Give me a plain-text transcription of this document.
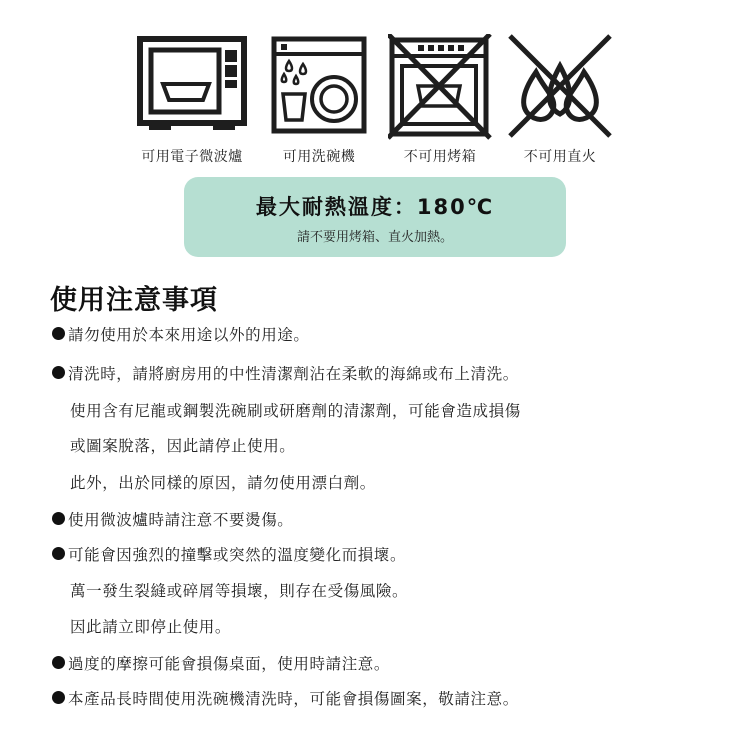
可用電子微波爐	可用洗碗機	不可用烤箱	不可用直火
最大耐熱溫度：180℃
請不要用烤箱、直火加熱。
使用注意事項
請勿使用於本來用途以外的用途。
清洗時，請將廚房用的中性清潔劑沾在柔軟的海綿或布上清洗。
使用含有尼龍或鋼製洗碗刷或研磨劑的清潔劑，可能會造成損傷
或圖案脫落，因此請停止使用。
此外，出於同樣的原因，請勿使用漂白劑。
使用微波爐時請注意不要燙傷。
可能會因強烈的撞擊或突然的溫度變化而損壞。
萬一發生裂縫或碎屑等損壞，則存在受傷風險。
因此請立即停止使用。
過度的摩擦可能會損傷桌面，使用時請注意。
本產品長時間使用洗碗機清洗時，可能會損傷圖案，敬請注意。
